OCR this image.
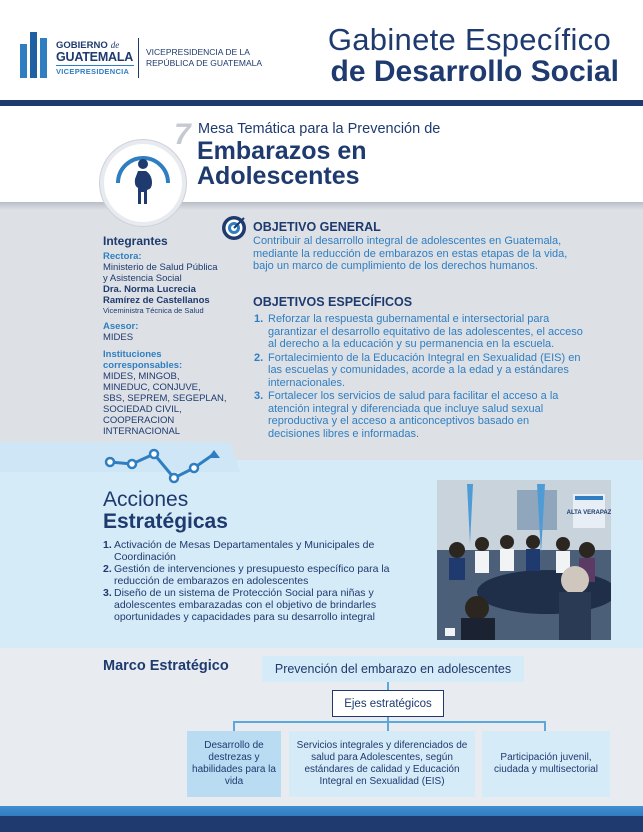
GOBIERNO de
GUATEMALA
VICEPRESIDENCIA
VICEPRESIDENCIA DE LA
REPÚBLICA DE GUATEMALA
Gabinete Específico
de Desarrollo Social
7 Mesa Temática para la Prevención de
Embarazos en
Adolescentes
Integrantes
Rectora:
Ministerio de Salud Pública
y Asistencia Social
Dra. Norma Lucrecia
Ramírez de Castellanos
Viceministra Técnica de Salud
Asesor:
MIDES
Instituciones
corresponsables:
MIDES, MINGOB,
MINEDUC, CONJUVE,
SBS, SEPREM, SEGEPLAN,
SOCIEDAD CIVIL,
COOPERACION
INTERNACIONAL
OBJETIVO GENERAL
Contribuir al desarrollo integral de adolescentes en Guatemala, mediante la reducción de embarazos en estas etapas de la vida, bajo un marco de cumplimiento de los derechos humanos.
OBJETIVOS ESPECÍFICOS
1. Reforzar la respuesta gubernamental e intersectorial para garantizar el desarrollo equitativo de las adolescentes, el acceso al derecho a la educación y su permanencia en la escuela.
2. Fortalecimiento de la Educación Integral en Sexualidad (EIS) en las escuelas y comunidades, acorde a la edad y a estándares internacionales.
3. Fortalecer los servicios de salud para facilitar el acceso a la atención integral y diferenciada que incluye salud sexual reproductiva y el acceso a anticonceptivos basado en decisiones libres e informadas.
Acciones
Estratégicas
1. Activación de Mesas Departamentales y Municipales de Coordinación
2. Gestión de intervenciones y presupuesto específico para la reducción de embarazos en adolescentes
3. Diseño de un sistema de Protección Social para niñas y adolescentes embarazadas con el objetivo de brindarles oportunidades y capacidades para su desarrollo integral
ALTA VERAPAZ
Marco Estratégico	Prevención del embarazo en adolescentes
Ejes estratégicos
Desarrollo de destrezas y habilidades para la vida
Servicios integrales y diferenciados de salud para Adolescentes, según estándares de calidad y Educación Integral en Sexualidad (EIS)
Participación juvenil, ciudada y multisectorial
